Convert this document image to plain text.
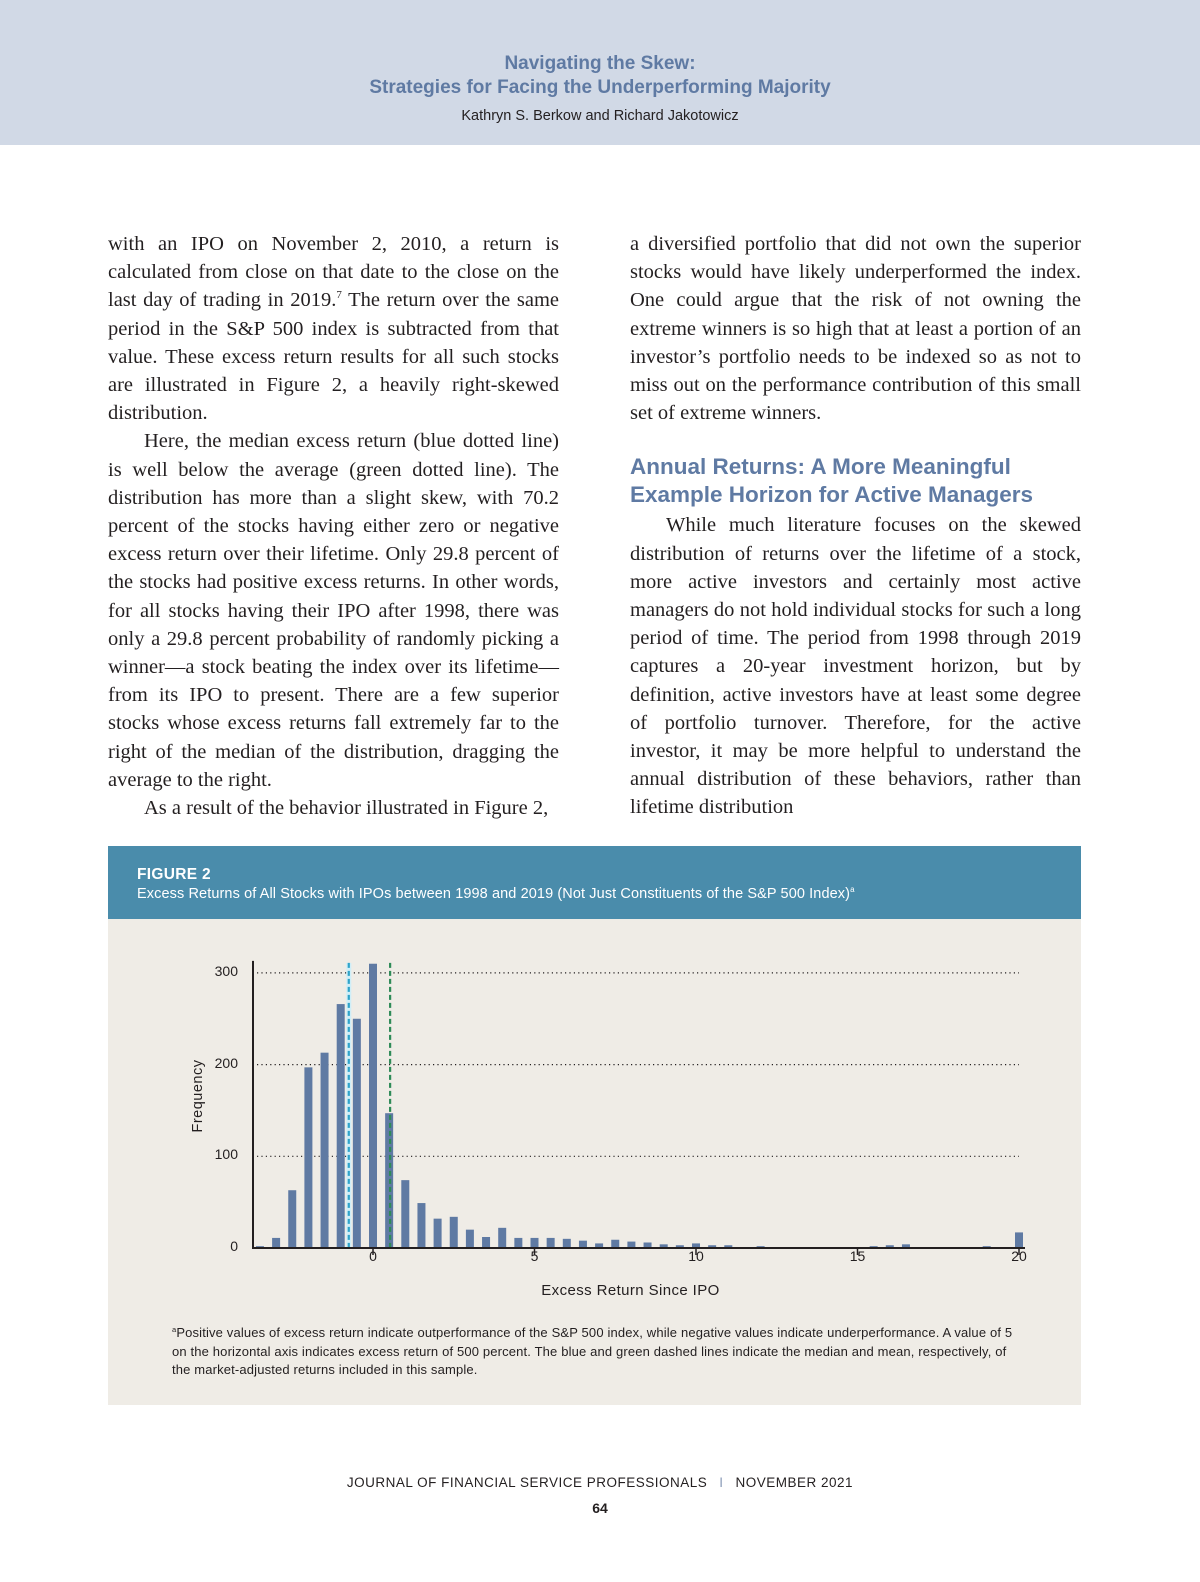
Navigating the Skew:
Strategies for Facing the Underperforming Majority
Kathryn S. Berkow and Richard Jakotowicz

with an IPO on November 2, 2010, a return is calculated from close on that date to the close on the last day of trading in 2019.$^7$ The return over the same period in the S&P 500 index is subtracted from that value. These excess return results for all such stocks are illustrated in Figure 2, a heavily right-skewed distribution.

Here, the median excess return (blue dotted line) is well below the average (green dotted line). The distribution has more than a slight skew, with 70.2 percent of the stocks having either zero or negative excess return over their lifetime. Only 29.8 percent of the stocks had positive excess returns. In other words, for all stocks having their IPO after 1998, there was only a 29.8 percent probability of randomly picking a winner—a stock beating the index over its lifetime—from its IPO to present. There are a few superior stocks whose excess returns fall extremely far to the right of the median of the distribution, dragging the average to the right.

As a result of the behavior illustrated in Figure 2,

a diversified portfolio that did not own the superior stocks would have likely underperformed the index. One could argue that the risk of not owning the extreme winners is so high that at least a portion of an investor’s portfolio needs to be indexed so as not to miss out on the performance contribution of this small set of extreme winners.

Annual Returns: A More Meaningful Example Horizon for Active Managers

While much literature focuses on the skewed distribution of returns over the lifetime of a stock, more active investors and certainly most active managers do not hold individual stocks for such a long period of time. The period from 1998 through 2019 captures a 20-year investment horizon, but by definition, active investors have at least some degree of portfolio turnover. Therefore, for the active investor, it may be more helpful to understand the annual distribution of these behaviors, rather than lifetime distribution

FIGURE 2
Excess Returns of All Stocks with IPOs between 1998 and 2019 (Not Just Constituents of the S&P 500 Index)$^a$
Frequency
Excess Return Since IPO
0
100
200
300
0	5	10	15	20
$^a$Positive values of excess return indicate outperformance of the S&P 500 index, while negative values indicate underperformance. A value of 5 on the horizontal axis indicates excess return of 500 percent. The blue and green dashed lines indicate the median and mean, respectively, of the market-adjusted returns included in this sample.
JOURNAL OF FINANCIAL SERVICE PROFESSIONALS I NOVEMBER 2021
64
